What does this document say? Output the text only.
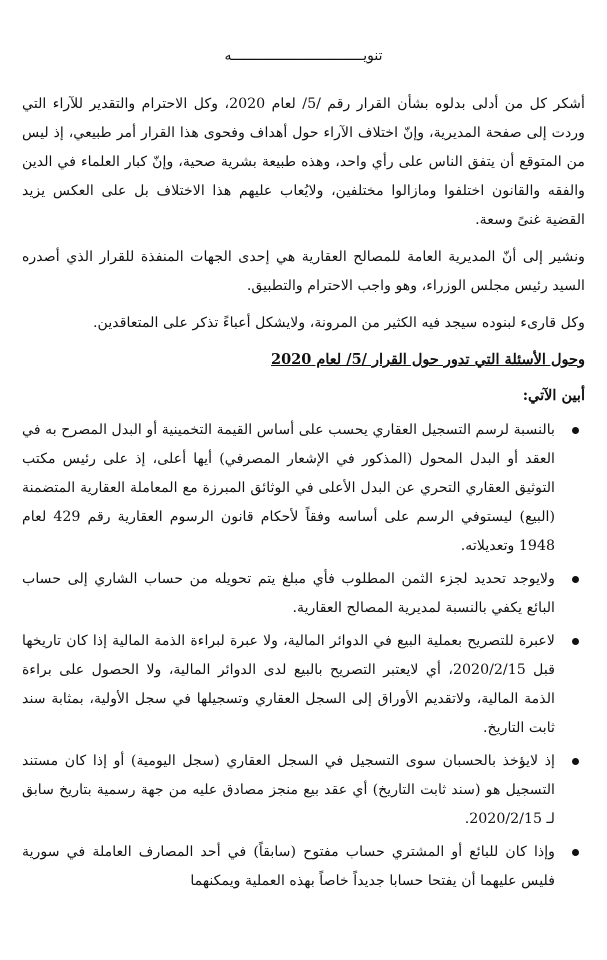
تنويــــــــــــــــــــــــــــــــه

أشكر كل من أدلى بدلوه بشأن القرار رقم /5/ لعام 2020، وكل الاحترام والتقدير للآراء التي وردت إلى صفحة المديرية، وإنّ اختلاف الآراء حول أهداف وفحوى هذا القرار أمر طبيعي، إذ ليس من المتوقع أن يتفق الناس على رأي واحد، وهذه طبيعة بشرية صحية، وإنّ كبار العلماء في الدين والفقه والقانون اختلفوا ومازالوا مختلفين، ولايُعاب عليهم هذا الاختلاف بل على العكس يزيد القضية غنىً وسعة.

ونشير إلى أنّ المديرية العامة للمصالح العقارية هي إحدى الجهات المنفذة للقرار الذي أصدره السيد رئيس مجلس الوزراء، وهو واجب الاحترام والتطبيق.

وكل قارىء لبنوده سيجد فيه الكثير من المرونة، ولايشكل أعباءً تذكر على المتعاقدين.

وحول الأسئلة التي تدور حول القرار /5/ لعام 2020
أبين الآتي:
بالنسبة لرسم التسجيل العقاري يحسب على أساس القيمة التخمينية أو البدل المصرح به في العقد أو البدل المحول (المذكور في الإشعار المصرفي) أيها أعلى، إذ على رئيس مكتب التوثيق العقاري التحري عن البدل الأعلى في الوثائق المبرزة مع المعاملة العقارية المتضمنة (البيع) ليستوفي الرسم على أساسه وفقاً لأحكام قانون الرسوم العقارية رقم 429 لعام 1948 وتعديلاته.
ولايوجد تحديد لجزء الثمن المطلوب فأي مبلغ يتم تحويله من حساب الشاري إلى حساب البائع يكفي بالنسبة لمديرية المصالح العقارية.
لاعبرة للتصريح بعملية البيع في الدوائر المالية، ولا عبرة لبراءة الذمة المالية إذا كان تاريخها قبل 2020/2/15، أي لايعتبر التصريح بالبيع لدى الدوائر المالية، ولا الحصول على براءة الذمة المالية، ولاتقديم الأوراق إلى السجل العقاري وتسجيلها في سجل الأولية، بمثابة سند ثابت التاريخ.
إذ لايؤخذ بالحسبان سوى التسجيل في السجل العقاري (سجل اليومية) أو إذا كان مستند التسجيل هو (سند ثابت التاريخ) أي عقد بيع منجز مصادق عليه من جهة رسمية بتاريخ سابق لـ 2020/2/15.
وإذا كان للبائع أو المشتري حساب مفتوح (سابقاً) في أحد المصارف العاملة في سورية فليس عليهما أن يفتحا حسابا جديداً خاصاً بهذه العملية ويمكنهما
